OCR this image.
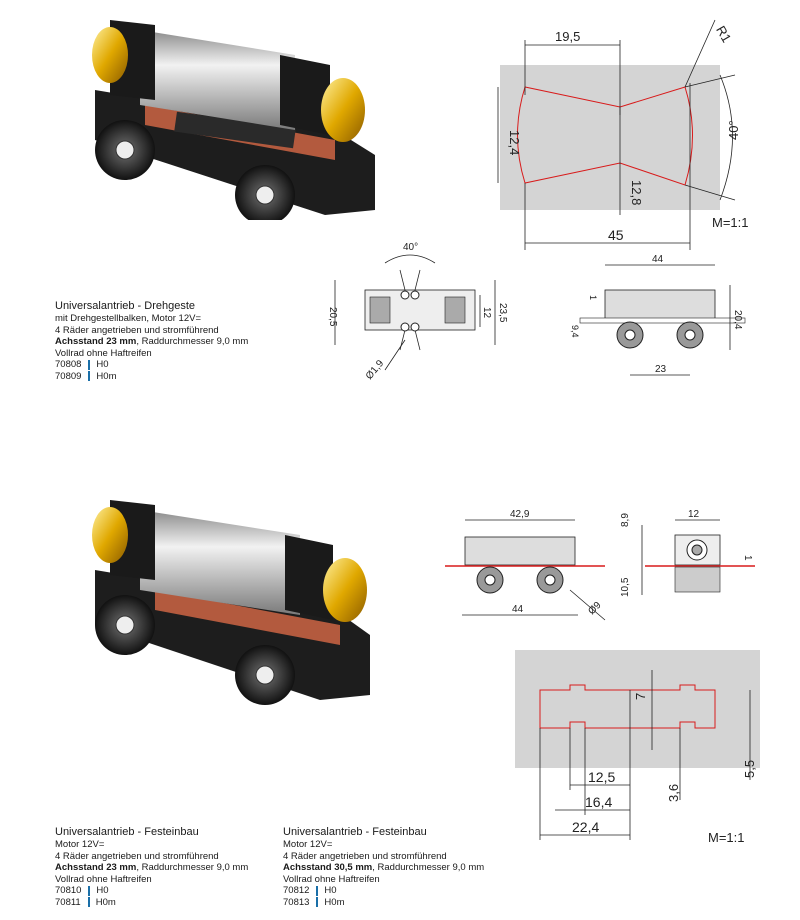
19,5
12,4
12,8
45
R1
40°
M=1:1
40°
20,5	12 23,5
Ø1,9
44
1
9,4
20,4
23
42,9
44	Ø9
12
8,9
10,5
1
7
12,5
16,4
22,4
3,6
5,5
M=1:1
Universalantrieb - Drehgeste
mit Drehgestellbalken, Motor 12V=
4 Räder angetrieben und stromführend
Achsstand 23 mm, Raddurchmesser 9,0 mm
Vollrad ohne Haftreifen
70808 H0
70809 H0m
Universalantrieb - Festeinbau
Motor 12V=
4 Räder angetrieben und stromführend
Achsstand 23 mm, Raddurchmesser 9,0 mm
Vollrad ohne Haftreifen
70810 H0
70811 H0m
Universalantrieb - Festeinbau
Motor 12V=
4 Räder angetrieben und stromführend
Achsstand 30,5 mm, Raddurchmesser 9,0 mm
Vollrad ohne Haftreifen
70812 H0
70813 H0m
